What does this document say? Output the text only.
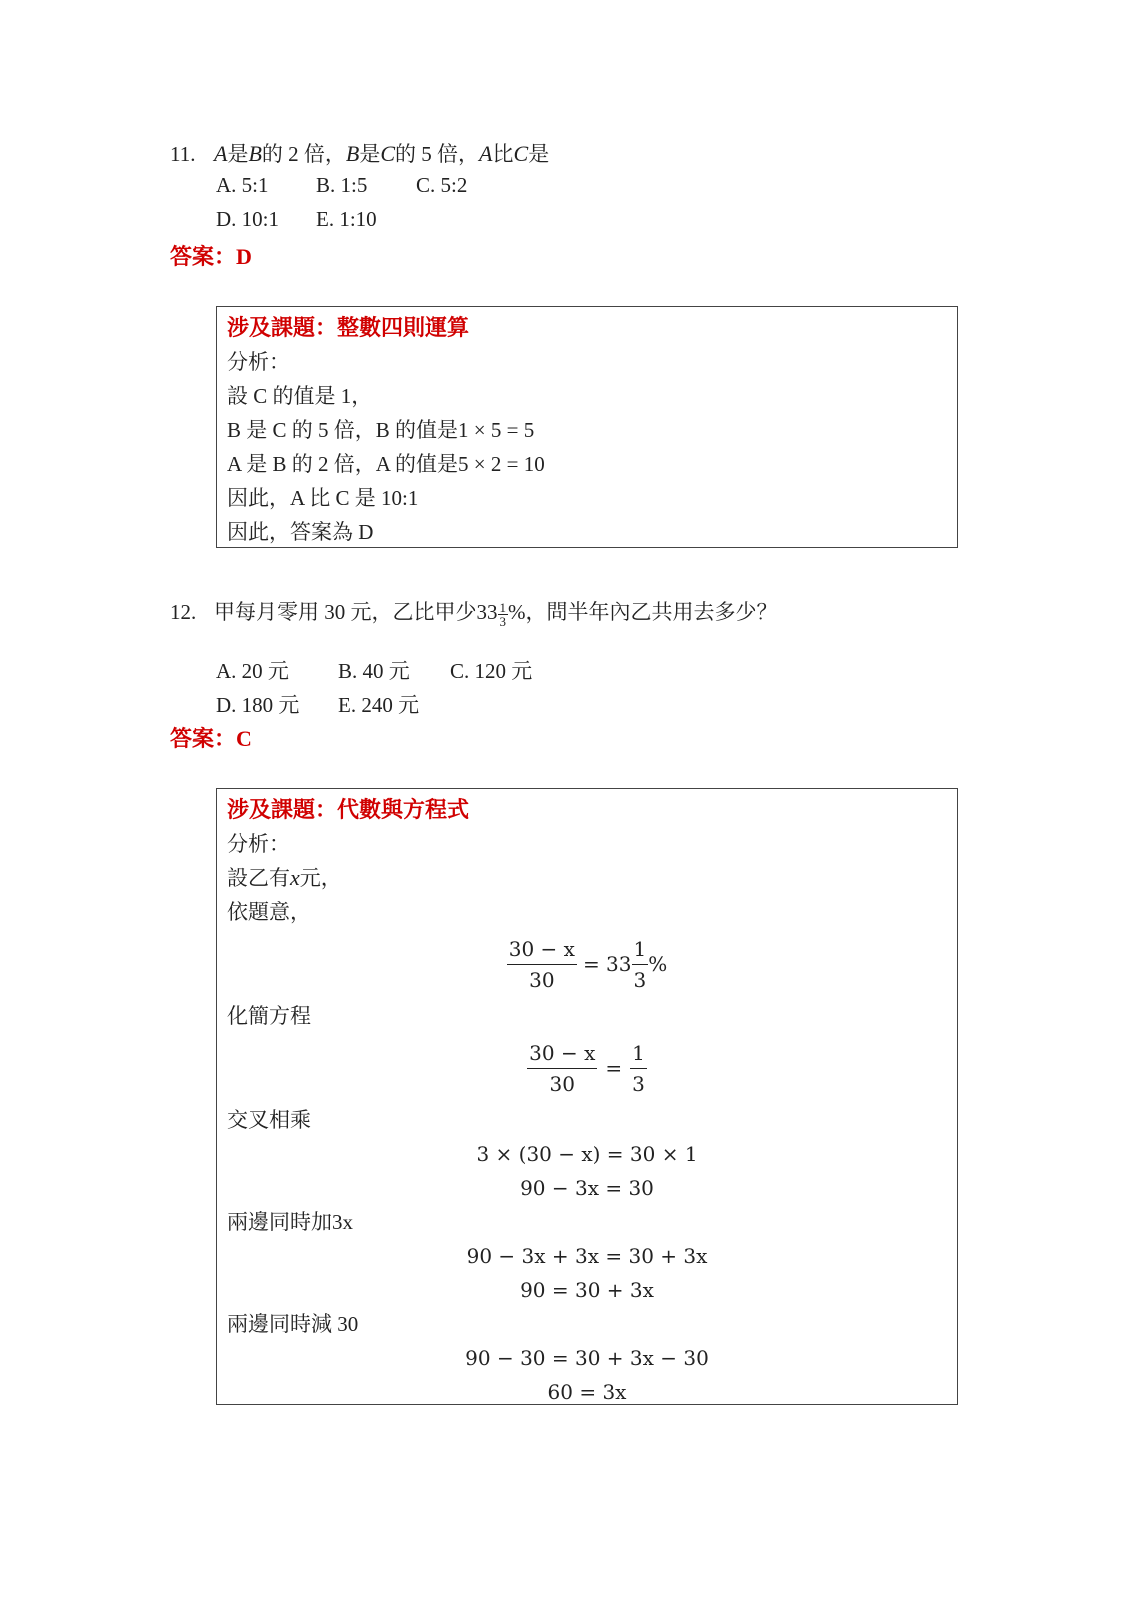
11. A是B的 2 倍，B是C的 5 倍，A比C是
A. 5:1 B. 1:5 C. 5:2
D. 10:1 E. 1:10
答案：D
涉及課題：整數四則運算
分析：
設 C 的值是 1，
B 是 C 的 5 倍，B 的值是1 × 5 = 5
A 是 B 的 2 倍，A 的值是5 × 2 = 10
因此，A 比 C 是 10:1
因此，答案為 D
12. 甲每月零用 30 元，乙比甲少$33 \frac{1}{3}$ %，問半年內乙共用去多少？
A. 20 元 B. 40 元 C. 120 元
D. 180 元 E. 240 元
答案：C
涉及課題：代數與方程式
分析：
設乙有x元，
依題意，
$\frac{30 - x}{30} = 33 \frac{1}{3}$ %
化簡方程
$\frac{30 - x}{30} = \frac{1}{3}$
交叉相乘
3 × (30 − x) = 30 × 1
90 − 3x = 30
兩邊同時加3x
90 − 3x + 3x = 30 + 3x
90 = 30 + 3x
兩邊同時減 30
90 − 30 = 30 + 3x − 30
60 = 3x
